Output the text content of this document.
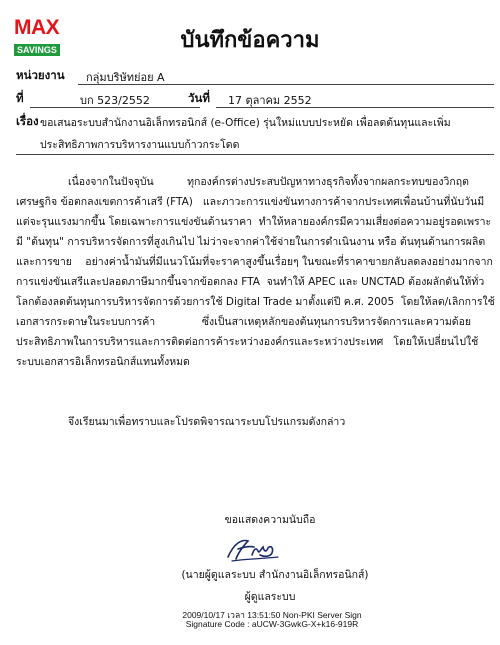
MAX
SAVINGS	บันทึกข้อความ
หน่วยงาน กลุ่มบริษัทย่อย A
ที่	บก 523/2552	วันที่ 17 ตุลาคม 2552
เรื่อง ขอเสนอระบบสำนักงานอิเล็กทรอนิกส์ (e-Office) รุ่นใหม่แบบประหยัด เพื่อลดต้นทุนและเพิ่ม
ประสิทธิภาพการบริหารงานแบบก้าวกระโดด
เนื่องจากในปัจจุบัน          ทุกองค์กรต่างประสบปัญหาทางธุรกิจทั้งจากผลกระทบของวิกฤต
เศรษฐกิจ ข้อตกลงเขตการค้าเสรี (FTA)   และภาวะการแข่งขันทางการค้าจากประเทศเพื่อนบ้านที่นับวันมี
แต่จะรุนแรงมากขึ้น โดยเฉพาะการแข่งขันด้านราคา  ทำให้หลายองค์กรมีความเสี่ยงต่อความอยู่รอดเพราะ
มี "ต้นทุน" การบริหารจัดการที่สูงเกินไป ไม่ว่าจะจากค่าใช้จ่ายในการดำเนินงาน หรือ ต้นทุนด้านการผลิต
และการขาย    อย่างค่าน้ำมันที่มีแนวโน้มที่จะราคาสูงขึ้นเรื่อยๆ ในขณะที่ราคาขายกลับลดลงอย่างมากจาก
การแข่งขันเสรีและปลอดภาษีมากขึ้นจากข้อตกลง FTA  จนทำให้ APEC และ UNCTAD ต้องผลักดันให้ทั่ว
โลกต้องลดต้นทุนการบริหารจัดการด้วยการใช้ Digital Trade มาตั้งแต่ปี ค.ศ. 2005  โดยให้ลด/เลิกการใช้
เอกสารกระดาษในระบบการค้า              ซึ่งเป็นสาเหตุหลักของต้นทุนการบริหารจัดการและความด้อย
ประสิทธิภาพในการบริหารและการติดต่อการค้าระหว่างองค์กรและระหว่างประเทศ   โดยให้เปลี่ยนไปใช้
ระบบเอกสารอิเล็กทรอนิกส์แทนทั้งหมด
จึงเรียนมาเพื่อทราบและโปรดพิจารณาระบบโปรแกรมดังกล่าว
ขอแสดงความนับถือ
(นายผู้ดูแลระบบ สำนักงานอิเล็กทรอนิกส์)
ผู้ดูแลระบบ
2009/10/17 เวลา 13:51:50 Non-PKI Server Sign
Signature Code : aUCW-3GwkG-X+k16-919R
